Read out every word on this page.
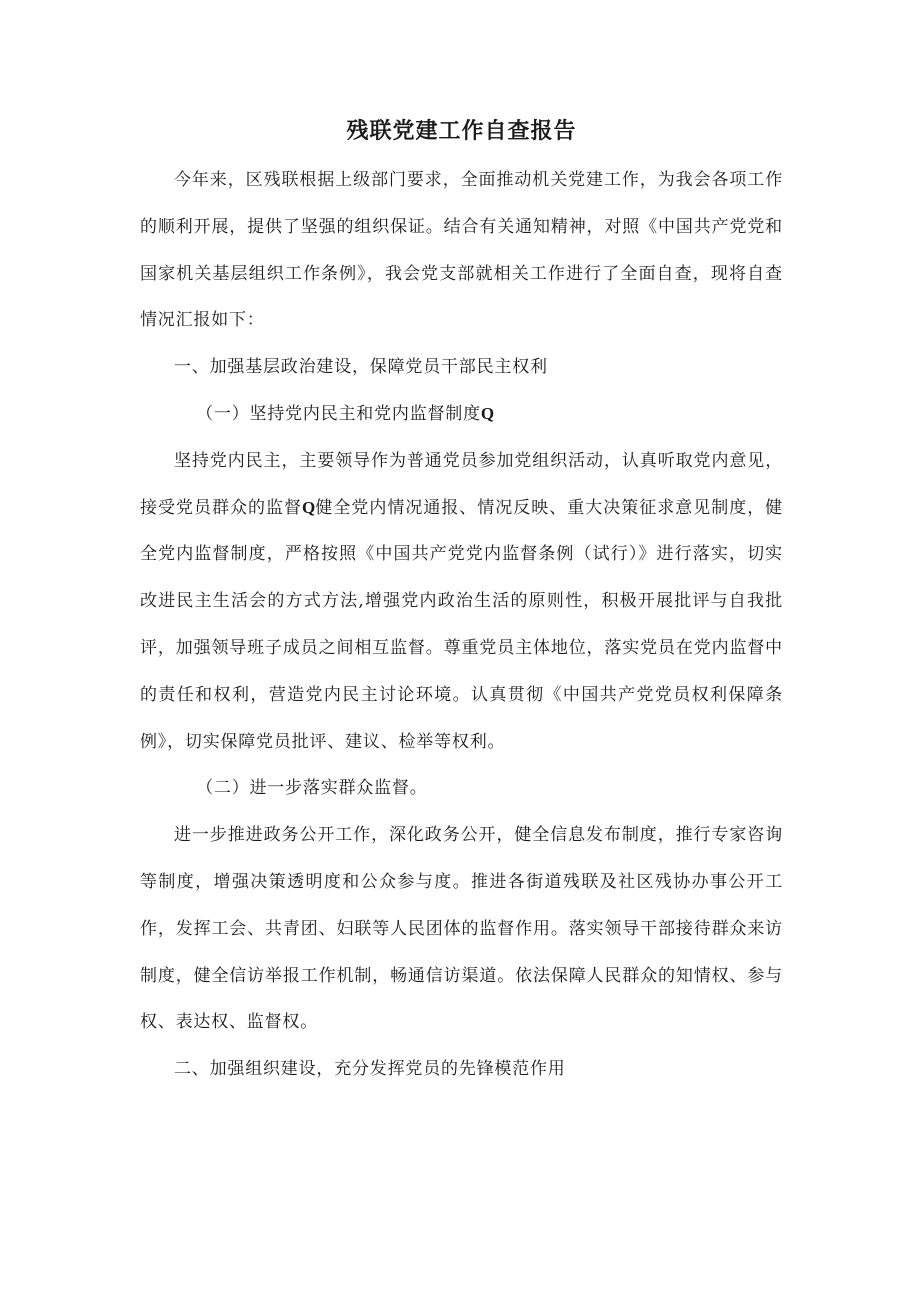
残联党建工作自查报告

今年来，区残联根据上级部门要求，全面推动机关党建工作，为我会各项工作的顺利开展，提供了坚强的组织保证。结合有关通知精神，对照《中国共产党党和国家机关基层组织工作条例》，我会党支部就相关工作进行了全面自查，现将自查情况汇报如下：

一、加强基层政治建设，保障党员干部民主权利

（一）坚持党内民主和党内监督制度Q

坚持党内民主，主要领导作为普通党员参加党组织活动，认真听取党内意见，接受党员群众的监督Q健全党内情况通报、情况反映、重大决策征求意见制度，健全党内监督制度，严格按照《中国共产党党内监督条例（试行）》进行落实，切实改进民主生活会的方式方法,增强党内政治生活的原则性，积极开展批评与自我批评，加强领导班子成员之间相互监督。尊重党员主体地位，落实党员在党内监督中的责任和权利，营造党内民主讨论环境。认真贯彻《中国共产党党员权利保障条例》，切实保障党员批评、建议、检举等权利。

（二）进一步落实群众监督。

进一步推进政务公开工作，深化政务公开，健全信息发布制度，推行专家咨询等制度，增强决策透明度和公众参与度。推进各街道残联及社区残协办事公开工作，发挥工会、共青团、妇联等人民团体的监督作用。落实领导干部接待群众来访制度，健全信访举报工作机制，畅通信访渠道。依法保障人民群众的知情权、参与权、表达权、监督权。

二、加强组织建设，充分发挥党员的先锋模范作用
